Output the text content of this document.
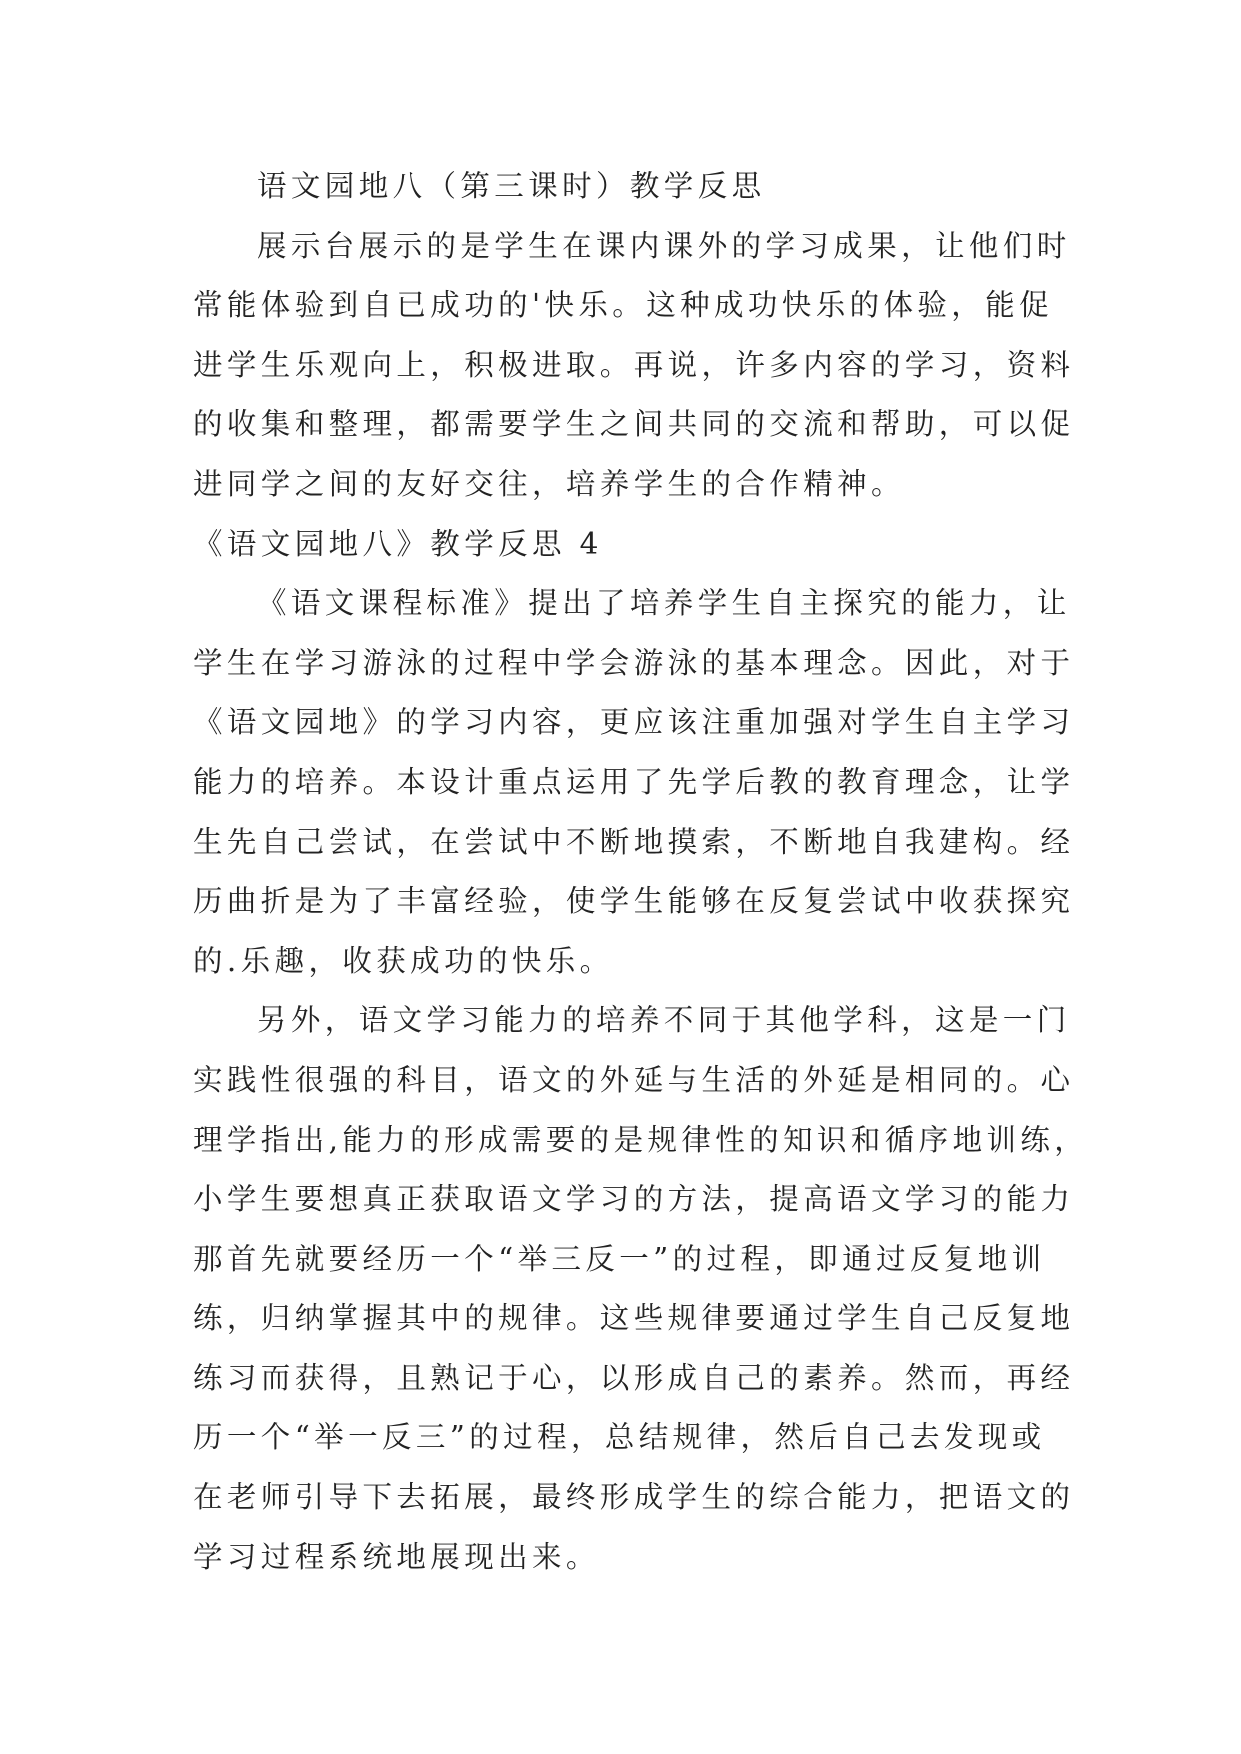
语文园地八（第三课时）教学反思

展示台展示的是学生在课内课外的学习成果，让他们时
常能体验到自已成功的'快乐。这种成功快乐的体验，能促
进学生乐观向上，积极进取。再说，许多内容的学习，资料
的收集和整理，都需要学生之间共同的交流和帮助，可以促
进同学之间的友好交往，培养学生的合作精神。

《语文园地八》教学反思 4

《语文课程标准》提出了培养学生自主探究的能力，让
学生在学习游泳的过程中学会游泳的基本理念。因此，对于
《语文园地》的学习内容，更应该注重加强对学生自主学习
能力的培养。本设计重点运用了先学后教的教育理念，让学
生先自己尝试，在尝试中不断地摸索，不断地自我建构。经
历曲折是为了丰富经验，使学生能够在反复尝试中收获探究
的.乐趣，收获成功的快乐。

另外，语文学习能力的培养不同于其他学科，这是一门
实践性很强的科目，语文的外延与生活的外延是相同的。心
理学指出,能力的形成需要的是规律性的知识和循序地训练，
小学生要想真正获取语文学习的方法，提高语文学习的能力
那首先就要经历一个“举三反一”的过程，即通过反复地训
练，归纳掌握其中的规律。这些规律要通过学生自己反复地
练习而获得，且熟记于心，以形成自己的素养。然而，再经
历一个“举一反三”的过程，总结规律，然后自己去发现或
在老师引导下去拓展，最终形成学生的综合能力，把语文的
学习过程系统地展现出来。
